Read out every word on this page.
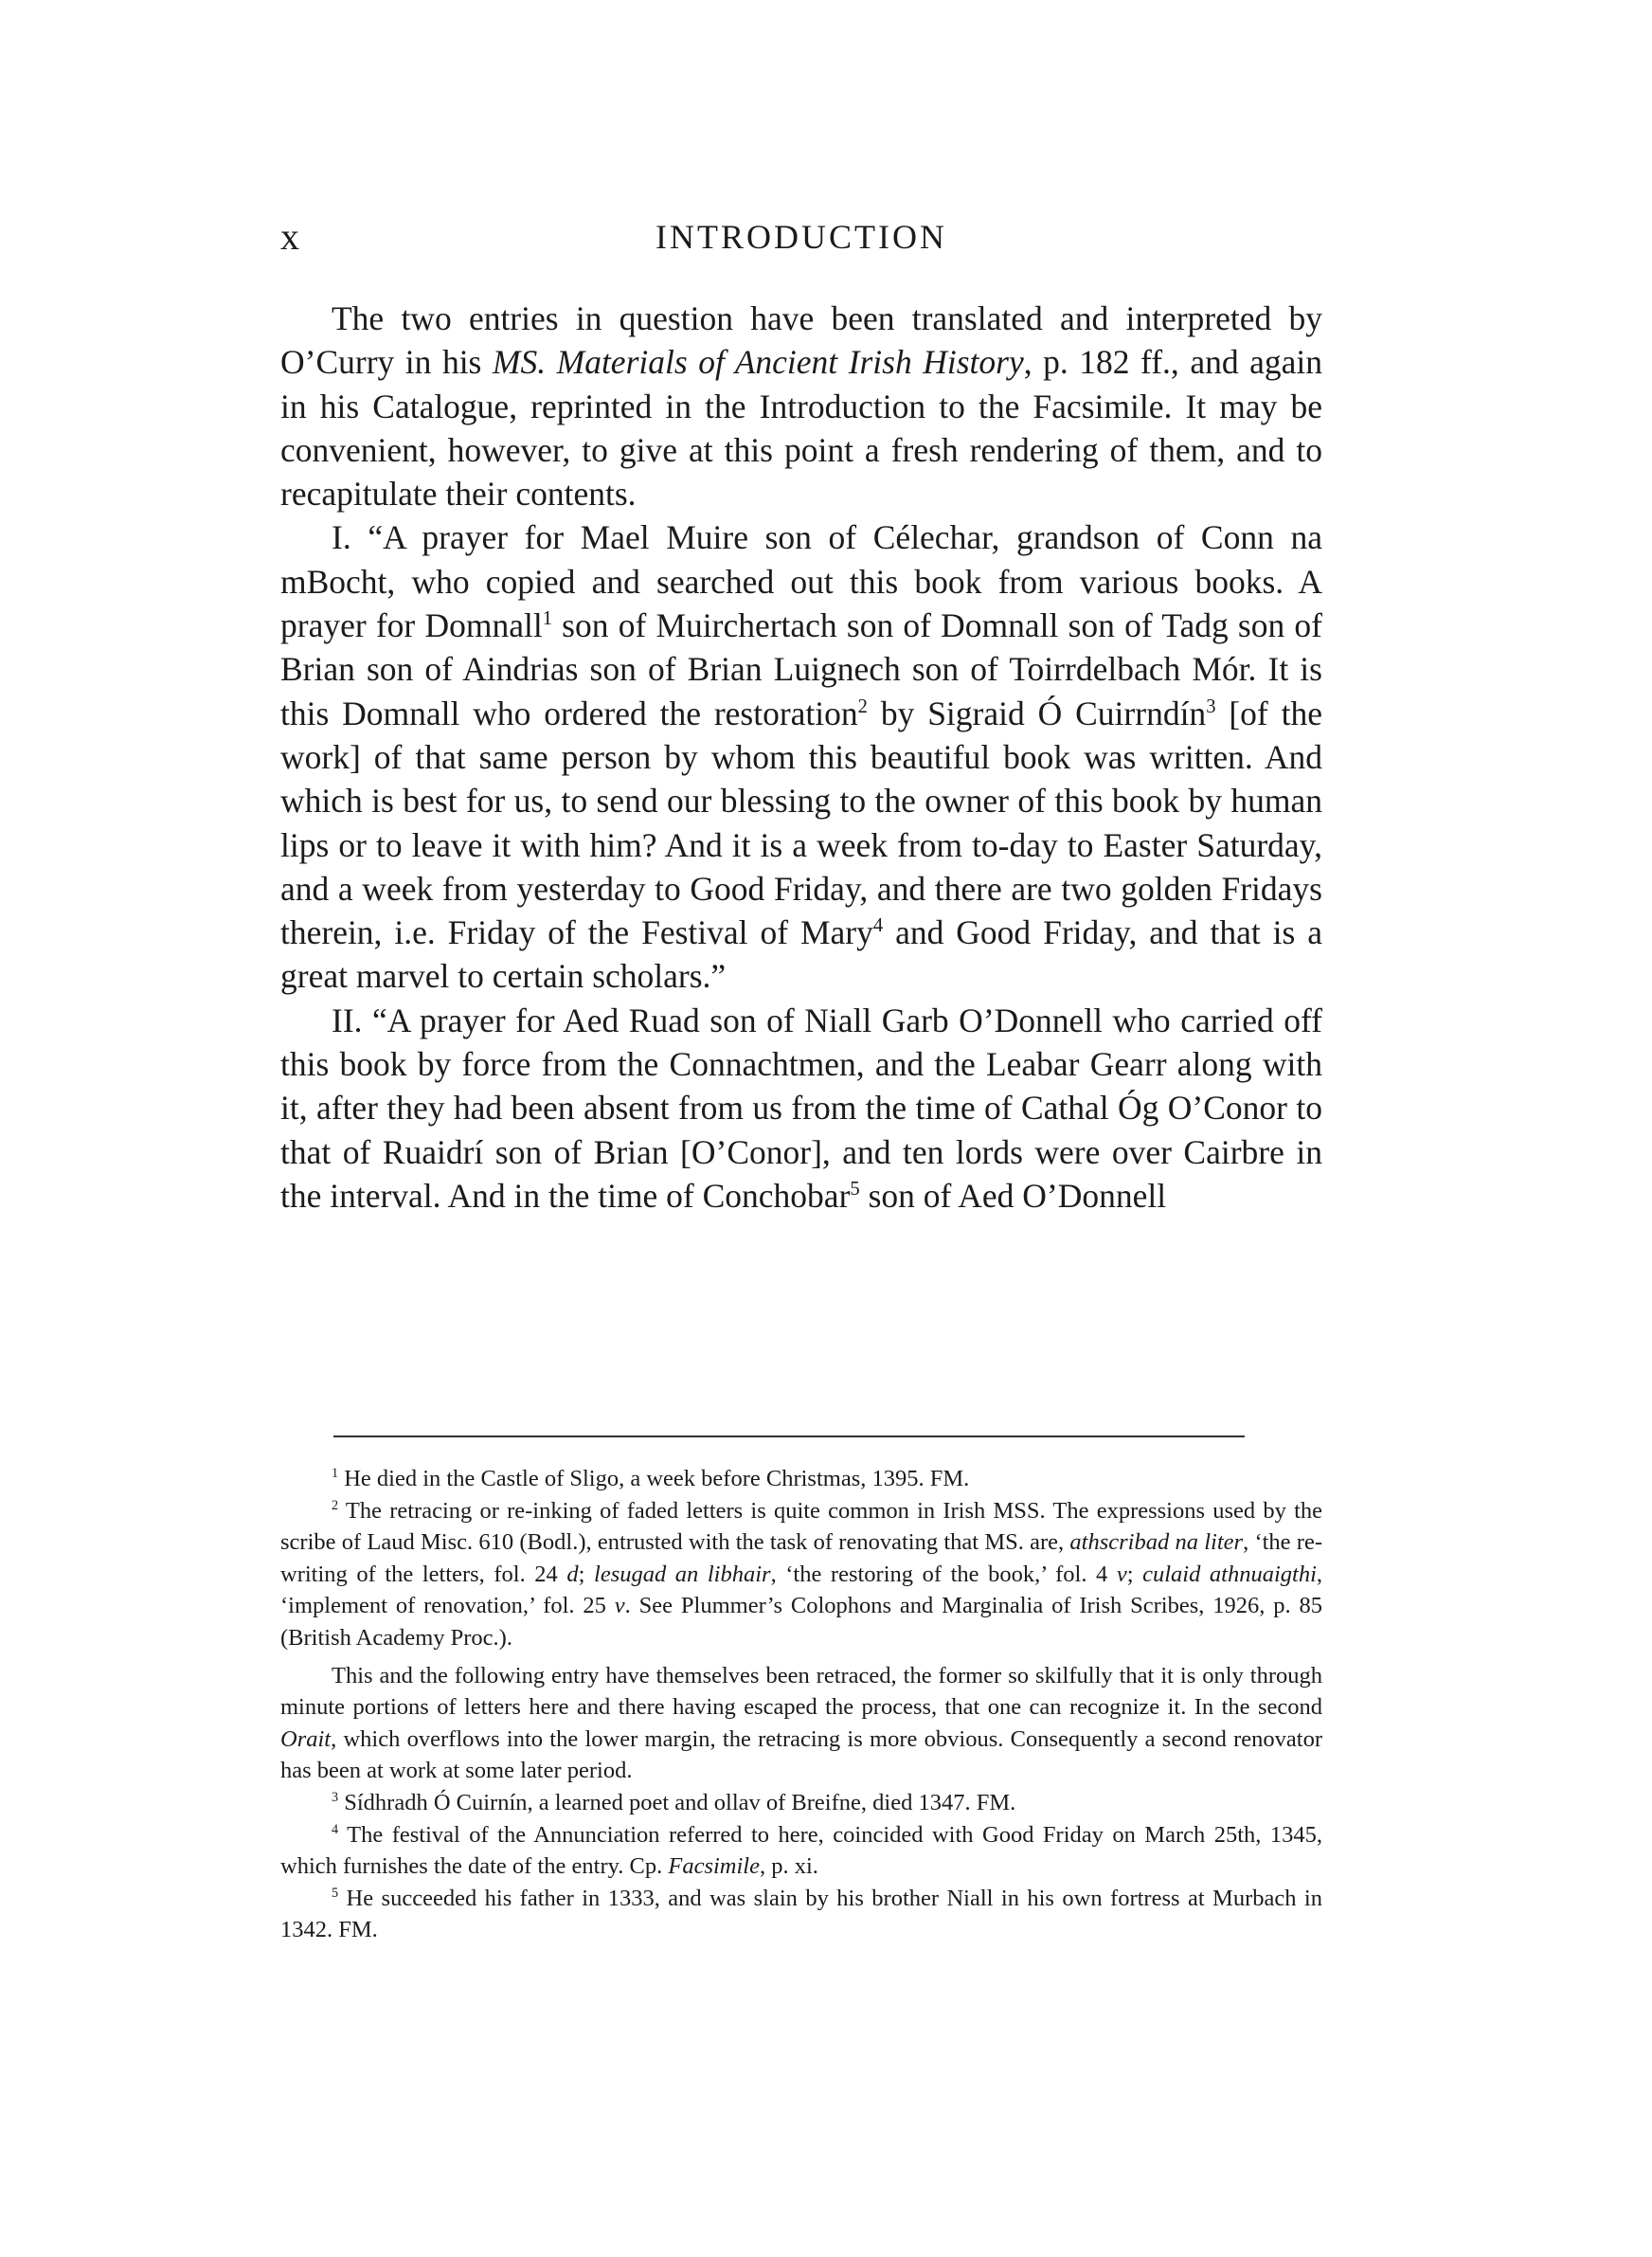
x	INTRODUCTION

The two entries in question have been translated and interpreted by O’Curry in his MS. Materials of Ancient Irish History, p. 182 ff., and again in his Catalogue, reprinted in the Introduction to the Facsimile. It may be convenient, however, to give at this point a fresh rendering of them, and to recapitulate their contents.

I. “A prayer for Mael Muire son of Célechar, grandson of Conn na mBocht, who copied and searched out this book from various books. A prayer for Domnall$^1$ son of Muirchertach son of Domnall son of Tadg son of Brian son of Aindrias son of Brian Luignech son of Toirrdelbach Mór. It is this Domnall who ordered the restoration$^2$ by Sigraid Ó Cuirrndín$^3$ [of the work] of that same person by whom this beautiful book was written. And which is best for us, to send our blessing to the owner of this book by human lips or to leave it with him? And it is a week from to-day to Easter Saturday, and a week from yesterday to Good Friday, and there are two golden Fridays therein, i.e. Friday of the Festival of Mary$^4$ and Good Friday, and that is a great marvel to certain scholars.”

II. “A prayer for Aed Ruad son of Niall Garb O’Donnell who carried off this book by force from the Connachtmen, and the Leabar Gearr along with it, after they had been absent from us from the time of Cathal Óg O’Conor to that of Ruaidrí son of Brian [O’Conor], and ten lords were over Cairbre in the interval. And in the time of Conchobar$^5$ son of Aed O’Donnell

$^1$ He died in the Castle of Sligo, a week before Christmas, 1395. FM.

$^2$ The retracing or re-inking of faded letters is quite common in Irish MSS. The expressions used by the scribe of Laud Misc. 610 (Bodl.), entrusted with the task of renovating that MS. are, athscribad na liter, ‘the re-writing of the letters, fol. 24 d; lesugad an libhair, ‘the restoring of the book,’ fol. 4 v; culaid athnuaigthi, ‘implement of renovation,’ fol. 25 v. See Plummer’s Colophons and Marginalia of Irish Scribes, 1926, p. 85 (British Academy Proc.).

This and the following entry have themselves been retraced, the former so skilfully that it is only through minute portions of letters here and there having escaped the process, that one can recognize it. In the second Orait, which overflows into the lower margin, the retracing is more obvious. Consequently a second renovator has been at work at some later period.

$^3$ Sídhradh Ó Cuirnín, a learned poet and ollav of Breifne, died 1347. FM.

$^4$ The festival of the Annunciation referred to here, coincided with Good Friday on March 25th, 1345, which furnishes the date of the entry. Cp. Facsimile, p. xi.

$^5$ He succeeded his father in 1333, and was slain by his brother Niall in his own fortress at Murbach in 1342. FM.
